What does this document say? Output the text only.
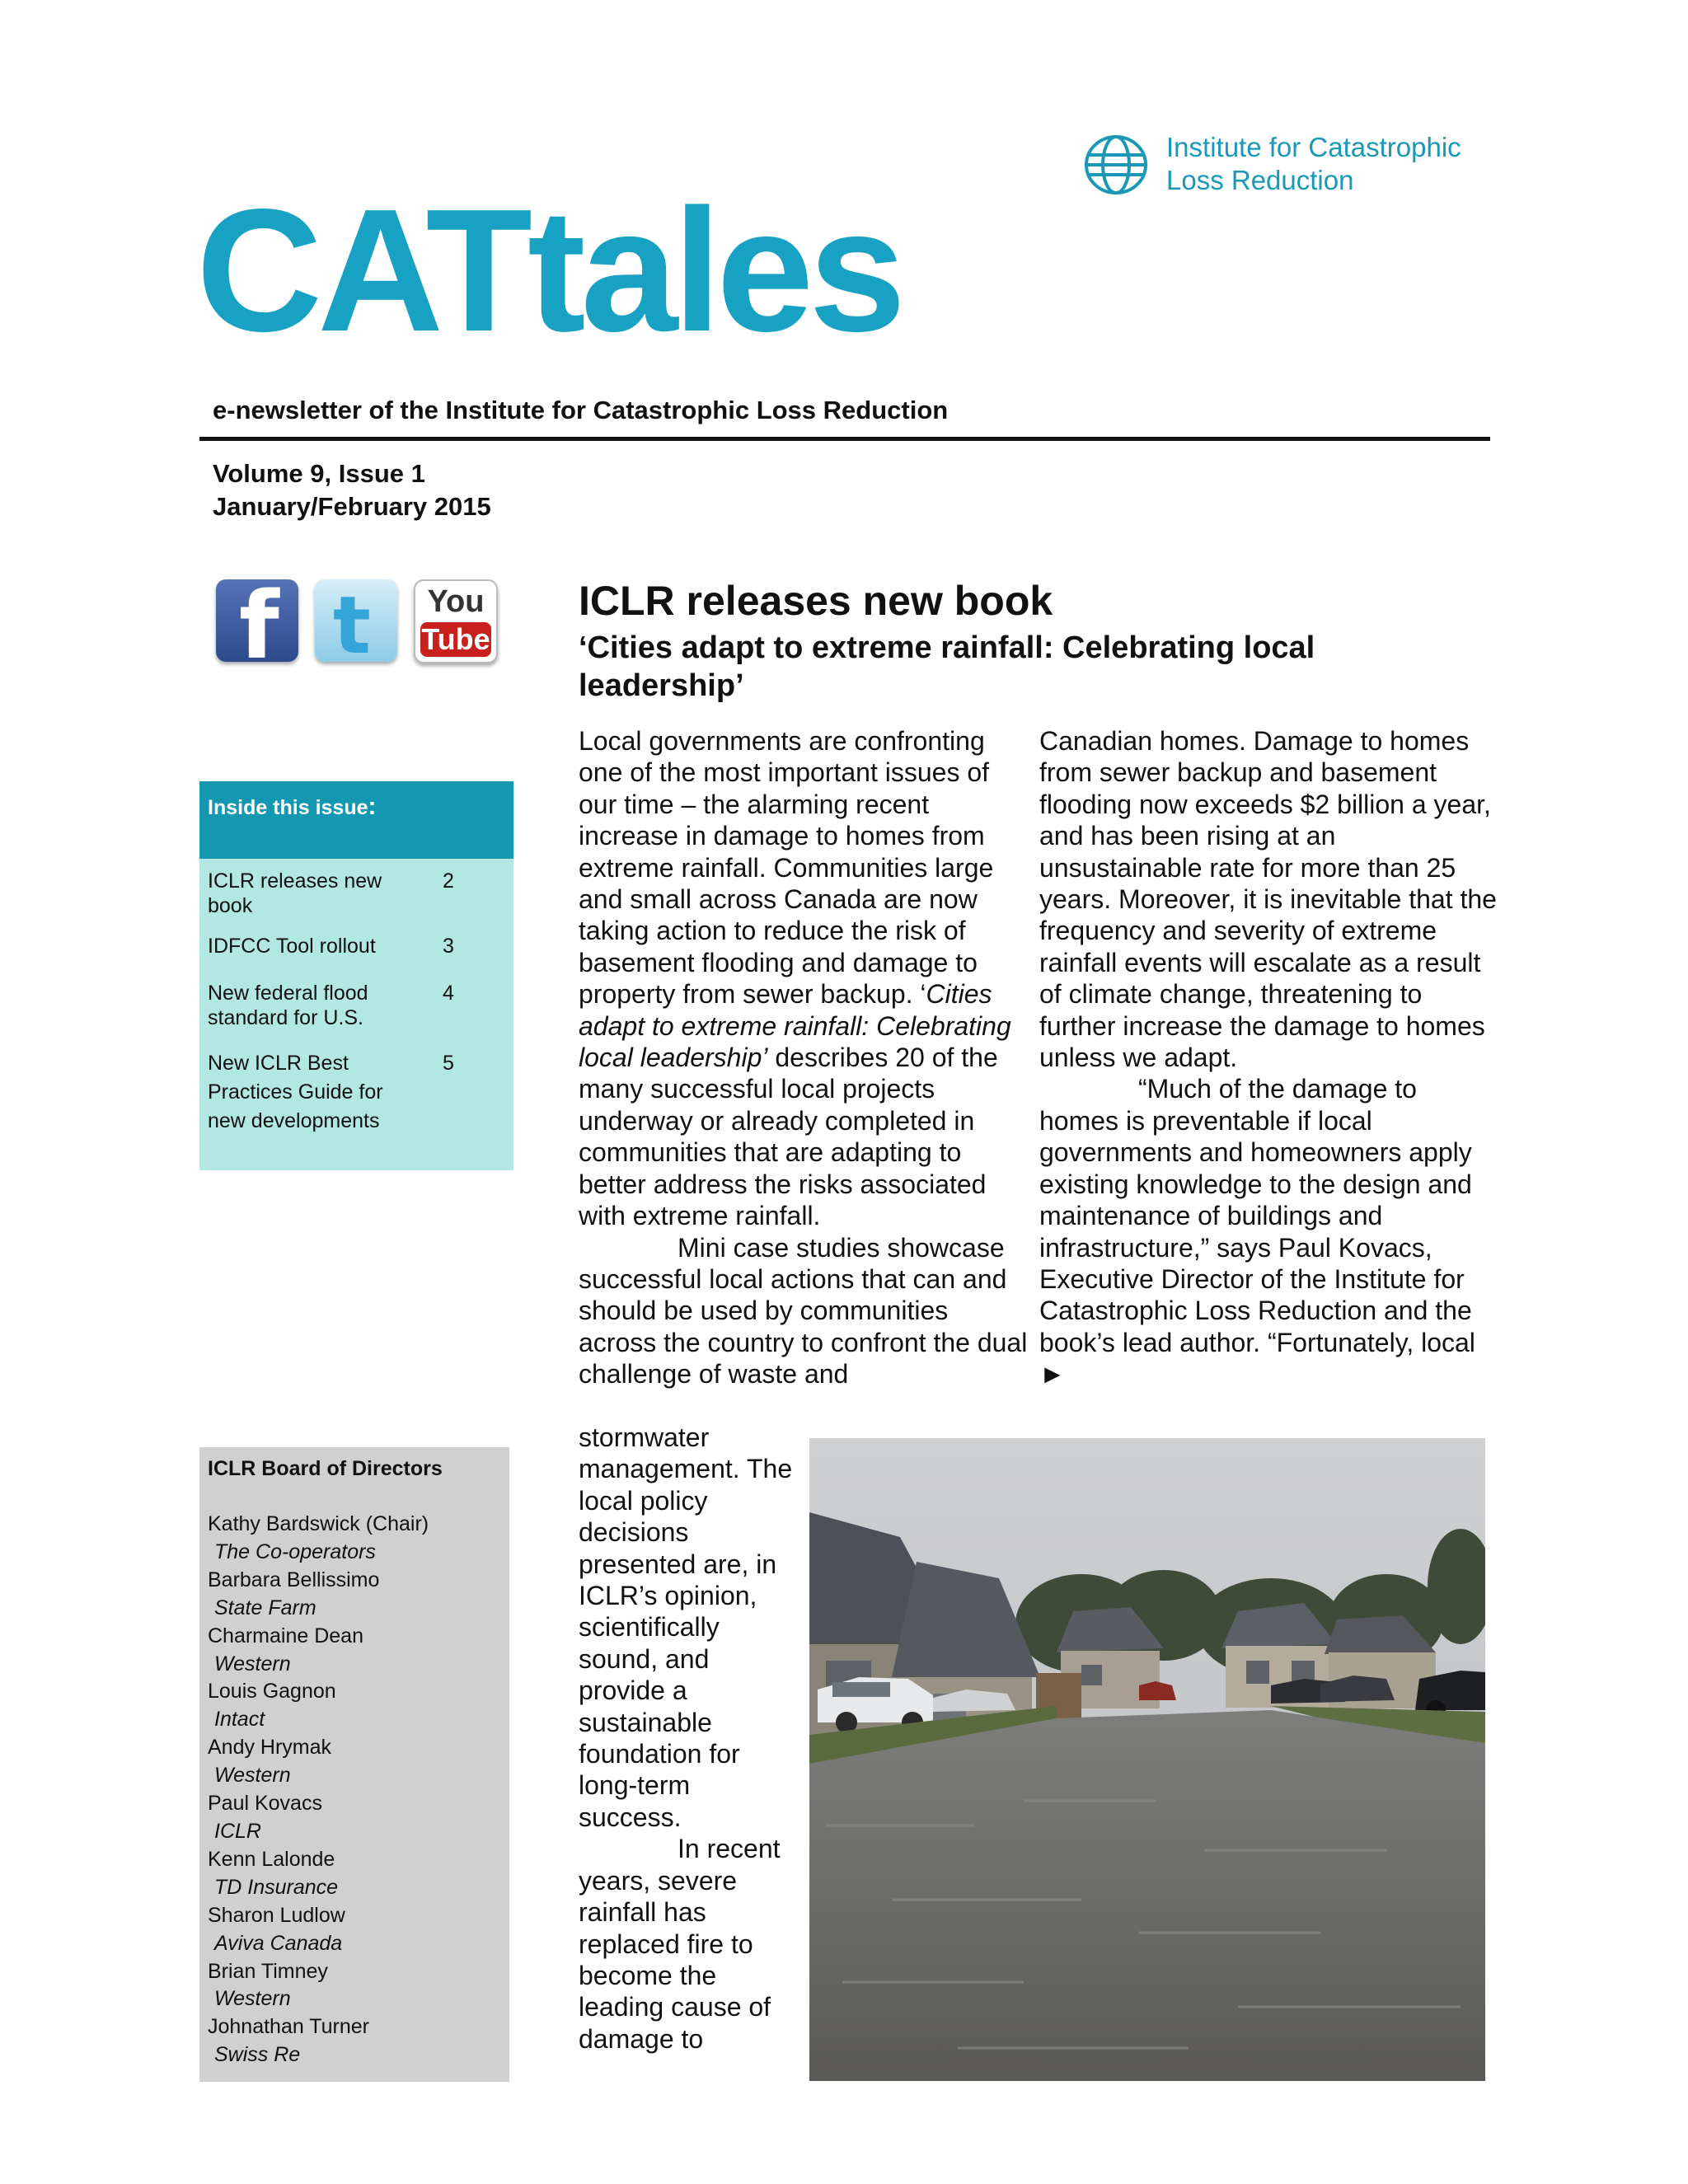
Institute for Catastrophic
Loss Reduction
CATtales
e-newsletter of the Institute for Catastrophic Loss Reduction
Volume 9, Issue 1
January/February 2015
f t	You
Tube
Inside this issue:
ICLR releases new book
2
IDFCC Tool rollout	3
New federal flood standard for U.S.
4
New ICLR Best Practices Guide for new developments
5
ICLR Board of Directors
Kathy Bardswick (Chair)
The Co-operators
Barbara Bellissimo
State Farm
Charmaine Dean
Western
Louis Gagnon
Intact
Andy Hrymak
Western
Paul Kovacs
ICLR
Kenn Lalonde
TD Insurance
Sharon Ludlow
Aviva Canada
Brian Timney
Western
Johnathan Turner
Swiss Re
ICLR releases new book
‘Cities adapt to extreme rainfall: Celebrating local leadership’

Local governments are confronting one of the most important issues of our time – the alarming recent increase in damage to homes from extreme rainfall. Communities large and small across Canada are now taking action to reduce the risk of basement flooding and damage to property from sewer backup. ‘Cities adapt to extreme rainfall: Celebrating local leadership’ describes 20 of the many successful local projects underway or already completed in communities that are adapting to better address the risks associated with extreme rainfall.

Mini case studies showcase successful local actions that can and should be used by communities across the country to confront the dual challenge of waste and

stormwater management. The local policy decisions presented are, in ICLR’s opinion, scientifically sound, and provide a sustainable foundation for long-term success.

In recent years, severe rainfall has replaced fire to become the leading cause of damage to

Canadian homes. Damage to homes from sewer backup and basement flooding now exceeds $2 billion a year, and has been rising at an unsustainable rate for more than 25 years. Moreover, it is inevitable that the frequency and severity of extreme rainfall events will escalate as a result of climate change, threatening to further increase the damage to homes unless we adapt.

“Much of the damage to homes is preventable if local governments and homeowners apply existing knowledge to the design and maintenance of buildings and infrastructure,” says Paul Kovacs, Executive Director of the Institute for Catastrophic Loss Reduction and the book’s lead author. “Fortunately, local ►
